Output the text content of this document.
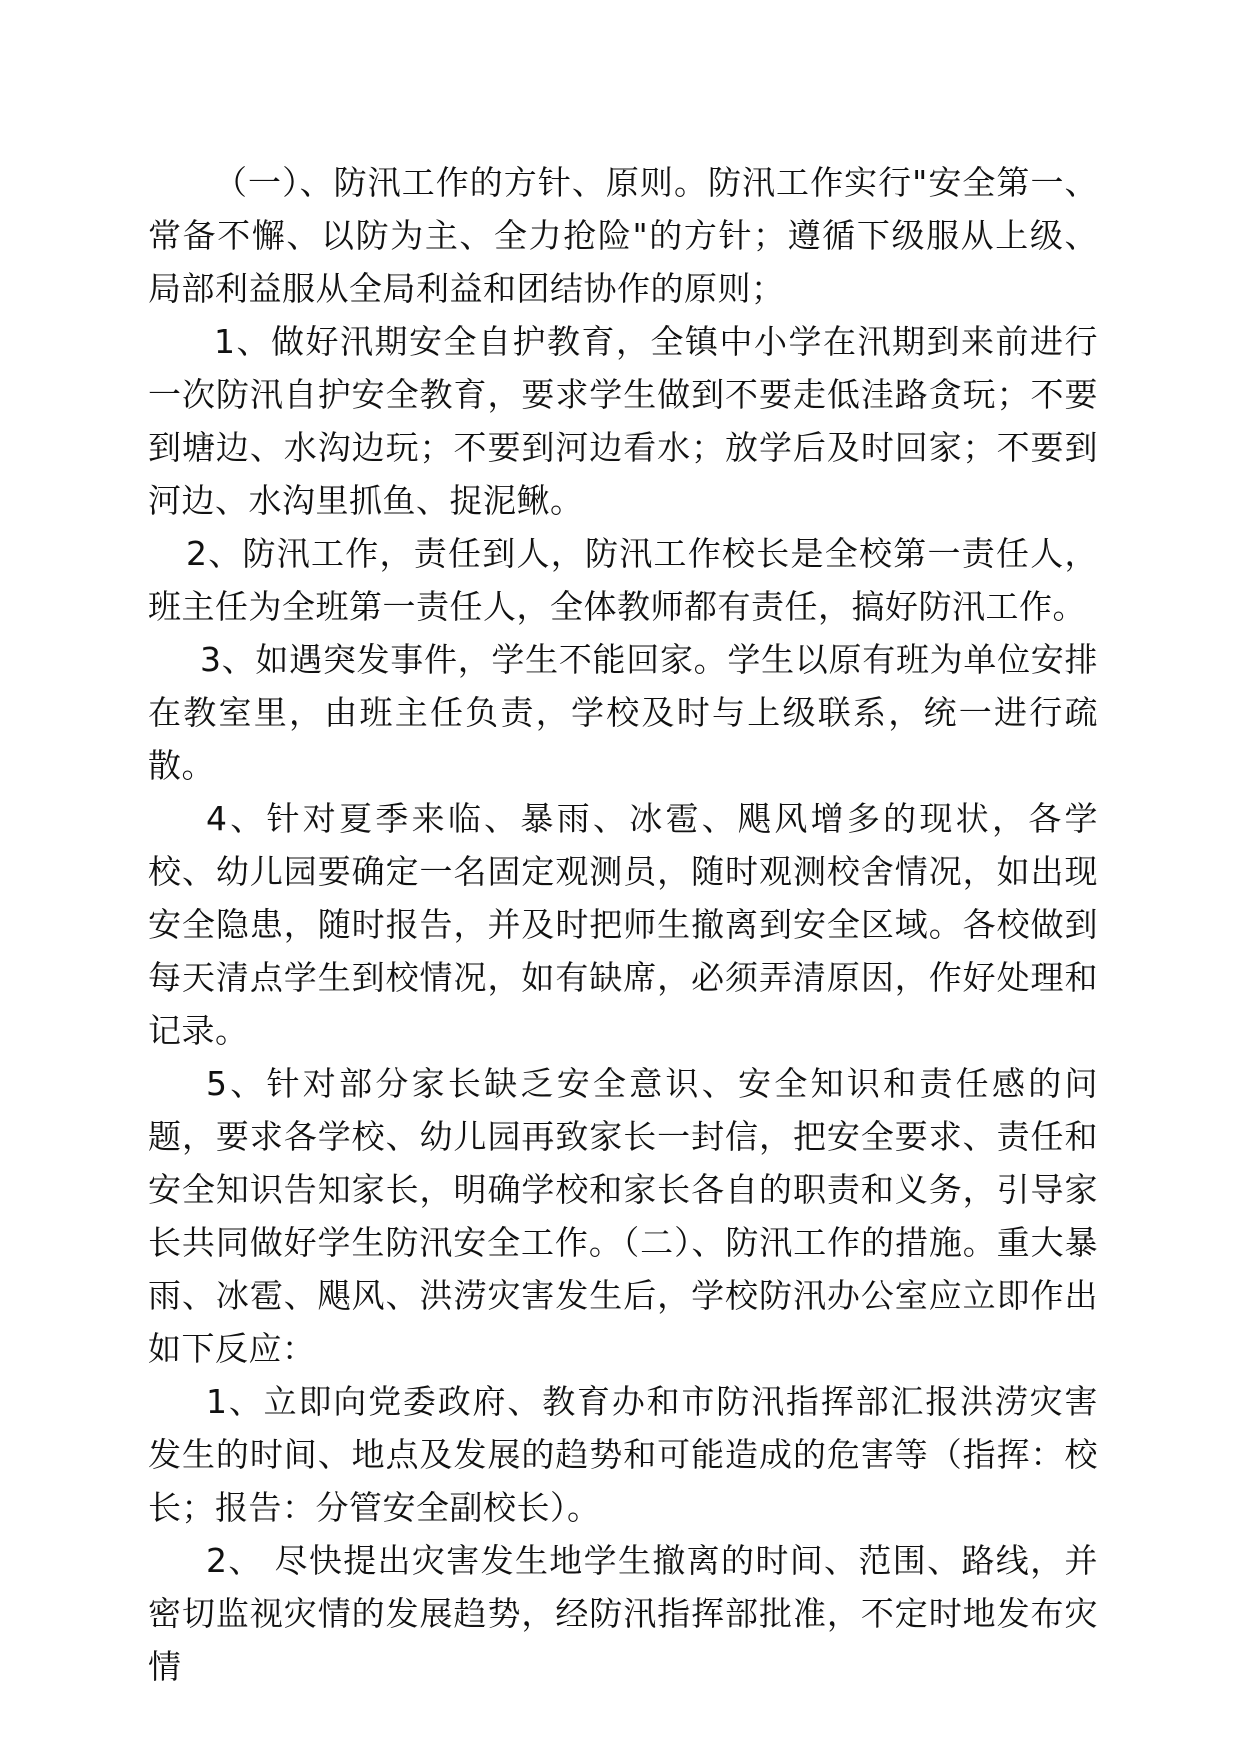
（一）、防汛工作的方针、原则。防汛工作实行"安全第一、常备不懈、以防为主、全力抢险"的方针；遵循下级服从上级、局部利益服从全局利益和团结协作的原则；

1、做好汛期安全自护教育，全镇中小学在汛期到来前进行一次防汛自护安全教育，要求学生做到不要走低洼路贪玩；不要到塘边、水沟边玩；不要到河边看水；放学后及时回家；不要到河边、水沟里抓鱼、捉泥鳅。

2、防汛工作，责任到人，防汛工作校长是全校第一责任人，班主任为全班第一责任人，全体教师都有责任，搞好防汛工作。

3、如遇突发事件，学生不能回家。学生以原有班为单位安排在教室里，由班主任负责，学校及时与上级联系，统一进行疏散。

4、针对夏季来临、暴雨、冰雹、飓风增多的现状，各学校、幼儿园要确定一名固定观测员，随时观测校舍情况，如出现安全隐患，随时报告，并及时把师生撤离到安全区域。各校做到每天清点学生到校情况，如有缺席，必须弄清原因，作好处理和记录。

5、针对部分家长缺乏安全意识、安全知识和责任感的问题，要求各学校、幼儿园再致家长一封信，把安全要求、责任和安全知识告知家长，明确学校和家长各自的职责和义务，引导家长共同做好学生防汛安全工作。（二）、防汛工作的措施。重大暴雨、冰雹、飓风、洪涝灾害发生后，学校防汛办公室应立即作出如下反应：

1、立即向党委政府、教育办和市防汛指挥部汇报洪涝灾害发生的时间、地点及发展的趋势和可能造成的危害等（指挥：校长；报告：分管安全副校长）。

2、 尽快提出灾害发生地学生撤离的时间、范围、路线，并密切监视灾情的发展趋势，经防汛指挥部批准，不定时地发布灾情
